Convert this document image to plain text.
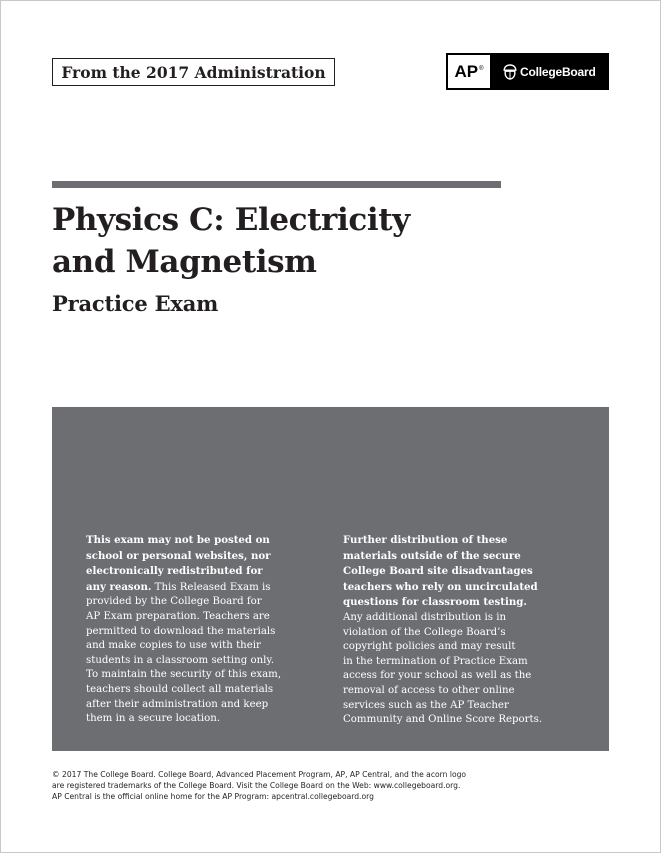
From the 2017 Administration	AP®	CollegeBoard
Physics C: Electricity
and Magnetism
Practice Exam
This exam may not be posted on
school or personal websites, nor
electronically redistributed for
any reason. This Released Exam is
provided by the College Board for
AP Exam preparation. Teachers are
permitted to download the materials
and make copies to use with their
students in a classroom setting only.
To maintain the security of this exam,
teachers should collect all materials
after their administration and keep
them in a secure location.
Further distribution of these
materials outside of the secure
College Board site disadvantages
teachers who rely on uncirculated
questions for classroom testing.
Any additional distribution is in
violation of the College Board’s
copyright policies and may result
in the termination of Practice Exam
access for your school as well as the
removal of access to other online
services such as the AP Teacher
Community and Online Score Reports.
© 2017 The College Board. College Board, Advanced Placement Program, AP, AP Central, and the acorn logo
are registered trademarks of the College Board. Visit the College Board on the Web: www.collegeboard.org.
AP Central is the official online home for the AP Program: apcentral.collegeboard.org
